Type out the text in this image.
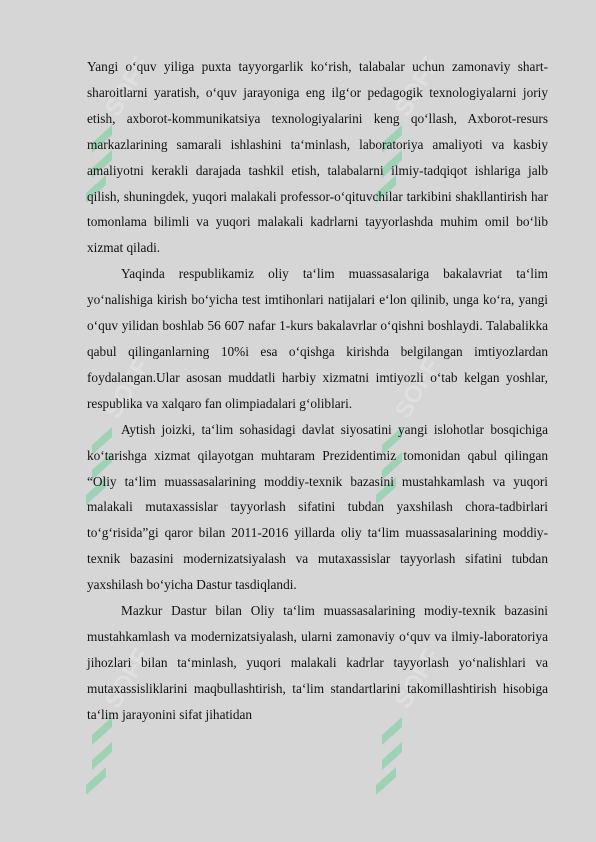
SOFF	SOFF
SOFF	SOFF
SOFF	SOFF

Yangi o‘quv yiliga puxta tayyorgarlik ko‘rish, talabalar uchun zamonaviy shart-sharoitlarni yaratish, o‘quv jarayoniga eng ilg‘or pedagogik texnologiyalarni joriy etish, axborot-kommunikatsiya texnologiyalarini keng qo‘llash, Axborot-resurs markazlarining samarali ishlashini ta‘minlash, laboratoriya amaliyoti va kasbiy amaliyotni kerakli darajada tashkil etish, talabalarni ilmiy-tadqiqot ishlariga jalb qilish, shuningdek, yuqori malakali professor-o‘qituvchilar tarkibini shakllantirish har tomonlama bilimli va yuqori malakali kadrlarni tayyorlashda muhim omil bo‘lib xizmat qiladi.

Yaqinda respublikamiz oliy ta‘lim muassasalariga bakalavriat ta‘lim yo‘nalishiga kirish bo‘yicha test imtihonlari natijalari e‘lon qilinib, unga ko‘ra, yangi o‘quv yilidan boshlab 56 607 nafar 1-kurs bakalavrlar o‘qishni boshlaydi. Talabalikka qabul qilinganlarning 10%i esa o‘qishga kirishda belgilangan imtiyozlardan foydalangan.Ular asosan muddatli harbiy xizmatni imtiyozli o‘tab kelgan yoshlar, respublika va xalqaro fan olimpiadalari g‘oliblari.

Aytish joizki, ta‘lim sohasidagi davlat siyosatini yangi islohotlar bosqichiga ko‘tarishga xizmat qilayotgan muhtaram Prezidentimiz tomonidan qabul qilingan “Oliy ta‘lim muassasalarining moddiy-texnik bazasini mustahkamlash va yuqori malakali mutaxassislar tayyorlash sifatini tubdan yaxshilash chora-tadbirlari to‘g‘risida”gi qaror bilan 2011-2016 yillarda oliy ta‘lim muassasalarining moddiy-texnik bazasini modernizatsiyalash va mutaxassislar tayyorlash sifatini tubdan yaxshilash bo‘yicha Dastur tasdiqlandi.

Mazkur Dastur bilan Oliy ta‘lim muassasalarining modiy-texnik bazasini mustahkamlash va modernizatsiyalash, ularni zamonaviy o‘quv va ilmiy-laboratoriya jihozlari bilan ta‘minlash, yuqori malakali kadrlar tayyorlash yo‘nalishlari va mutaxassisliklarini maqbullashtirish, ta‘lim standartlarini takomillashtirish hisobiga ta‘lim jarayonini sifat jihatidan
